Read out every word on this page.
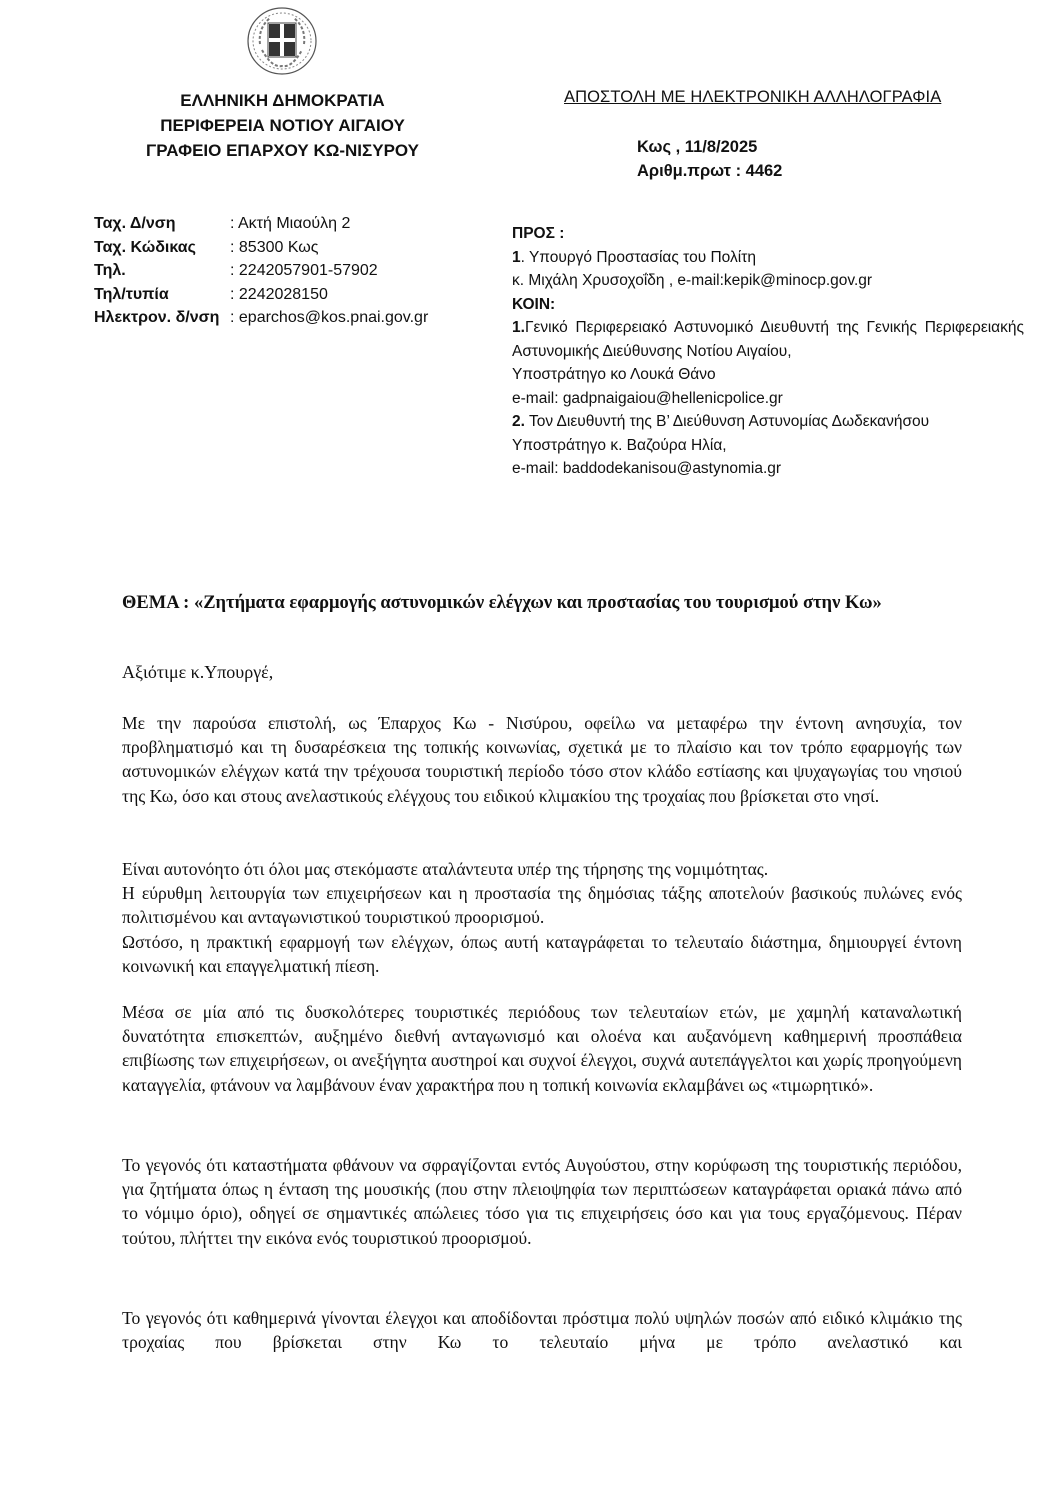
ΕΛΛΗΝΙΚΗ ΔΗΜΟΚΡΑΤΙΑ
ΠΕΡΙΦΕΡΕΙΑ ΝΟΤΙΟΥ ΑΙΓΑΙΟΥ
ΓΡΑΦΕΙΟ ΕΠΑΡΧΟΥ ΚΩ-ΝΙΣΥΡΟΥ
ΑΠΟΣΤΟΛΗ ΜΕ ΗΛΕΚΤΡΟΝΙΚΗ ΑΛΛΗΛΟΓΡΑΦΙΑ
Κως , 11/8/2025
Αριθμ.πρωτ : 4462
Ταχ. Δ/νση	: Ακτή Μιαούλη 2
Ταχ. Κώδικας	: 85300 Κως
Τηλ.	: 2242057901-57902
Τηλ/τυπία	: 2242028150
Ηλεκτρον. δ/νση : eparchos@kos.pnai.gov.gr
ΠΡΟΣ :
1. Υπουργό Προστασίας του Πολίτη
κ. Μιχάλη Χρυσοχοΐδη , e-mail:kepik@minocp.gov.gr
ΚΟΙΝ:
1.Γενικό Περιφερειακό Αστυνομικό Διευθυντή της Γενικής Περιφερειακής Αστυνομικής Διεύθυνσης Νοτίου Αιγαίου,
Υποστράτηγο κο Λουκά Θάνο
e-mail: gadpnaigaiou@hellenicpolice.gr
2. Τον Διευθυντή της Β’ Διεύθυνση Αστυνομίας Δωδεκανήσου
Υποστράτηγο κ. Βαζούρα Ηλία,
e-mail: baddodekanisou@astynomia.gr
ΘΕΜΑ : «Ζητήματα εφαρμογής αστυνομικών ελέγχων και προστασίας του τουρισμού στην Κω»
Αξιότιμε κ.Υπουργέ,
Με την παρούσα επιστολή, ως Έπαρχος Κω - Νισύρου, οφείλω να μεταφέρω την έντονη ανησυχία, τον προβληματισμό και τη δυσαρέσκεια της τοπικής κοινωνίας, σχετικά με το πλαίσιο και τον τρόπο εφαρμογής των αστυνομικών ελέγχων κατά την τρέχουσα τουριστική περίοδο τόσο στον κλάδο εστίασης και ψυχαγωγίας του νησιού της Κω, όσο και στους ανελαστικούς ελέγχους του ειδικού κλιμακίου της τροχαίας που βρίσκεται στο νησί.
Είναι αυτονόητο ότι όλοι μας στεκόμαστε αταλάντευτα υπέρ της τήρησης της νομιμότητας.
Η εύρυθμη λειτουργία των επιχειρήσεων και η προστασία της δημόσιας τάξης αποτελούν βασικούς πυλώνες ενός πολιτισμένου και ανταγωνιστικού τουριστικού προορισμού.
Ωστόσο, η πρακτική εφαρμογή των ελέγχων, όπως αυτή καταγράφεται το τελευταίο διάστημα, δημιουργεί έντονη κοινωνική και επαγγελματική πίεση.
Μέσα σε μία από τις δυσκολότερες τουριστικές περιόδους των τελευταίων ετών, με χαμηλή καταναλωτική δυνατότητα επισκεπτών, αυξημένο διεθνή ανταγωνισμό και ολοένα και αυξανόμενη καθημερινή προσπάθεια επιβίωσης των επιχειρήσεων, οι ανεξήγητα αυστηροί και συχνοί έλεγχοι, συχνά αυτεπάγγελτοι και χωρίς προηγούμενη καταγγελία, φτάνουν να λαμβάνουν έναν χαρακτήρα που η τοπική κοινωνία εκλαμβάνει ως «τιμωρητικό».
Το γεγονός ότι καταστήματα φθάνουν να σφραγίζονται εντός Αυγούστου, στην κορύφωση της τουριστικής περιόδου, για ζητήματα όπως η ένταση της μουσικής (που στην πλειοψηφία των περιπτώσεων καταγράφεται οριακά πάνω από το νόμιμο όριο), οδηγεί σε σημαντικές απώλειες τόσο για τις επιχειρήσεις όσο και για τους εργαζόμενους. Πέραν τούτου, πλήττει την εικόνα ενός τουριστικού προορισμού.
Το γεγονός ότι καθημερινά γίνονται έλεγχοι και αποδίδονται πρόστιμα πολύ υψηλών ποσών από ειδικό κλιμάκιο της τροχαίας που βρίσκεται στην Κω το τελευταίο μήνα με τρόπο ανελαστικό και
